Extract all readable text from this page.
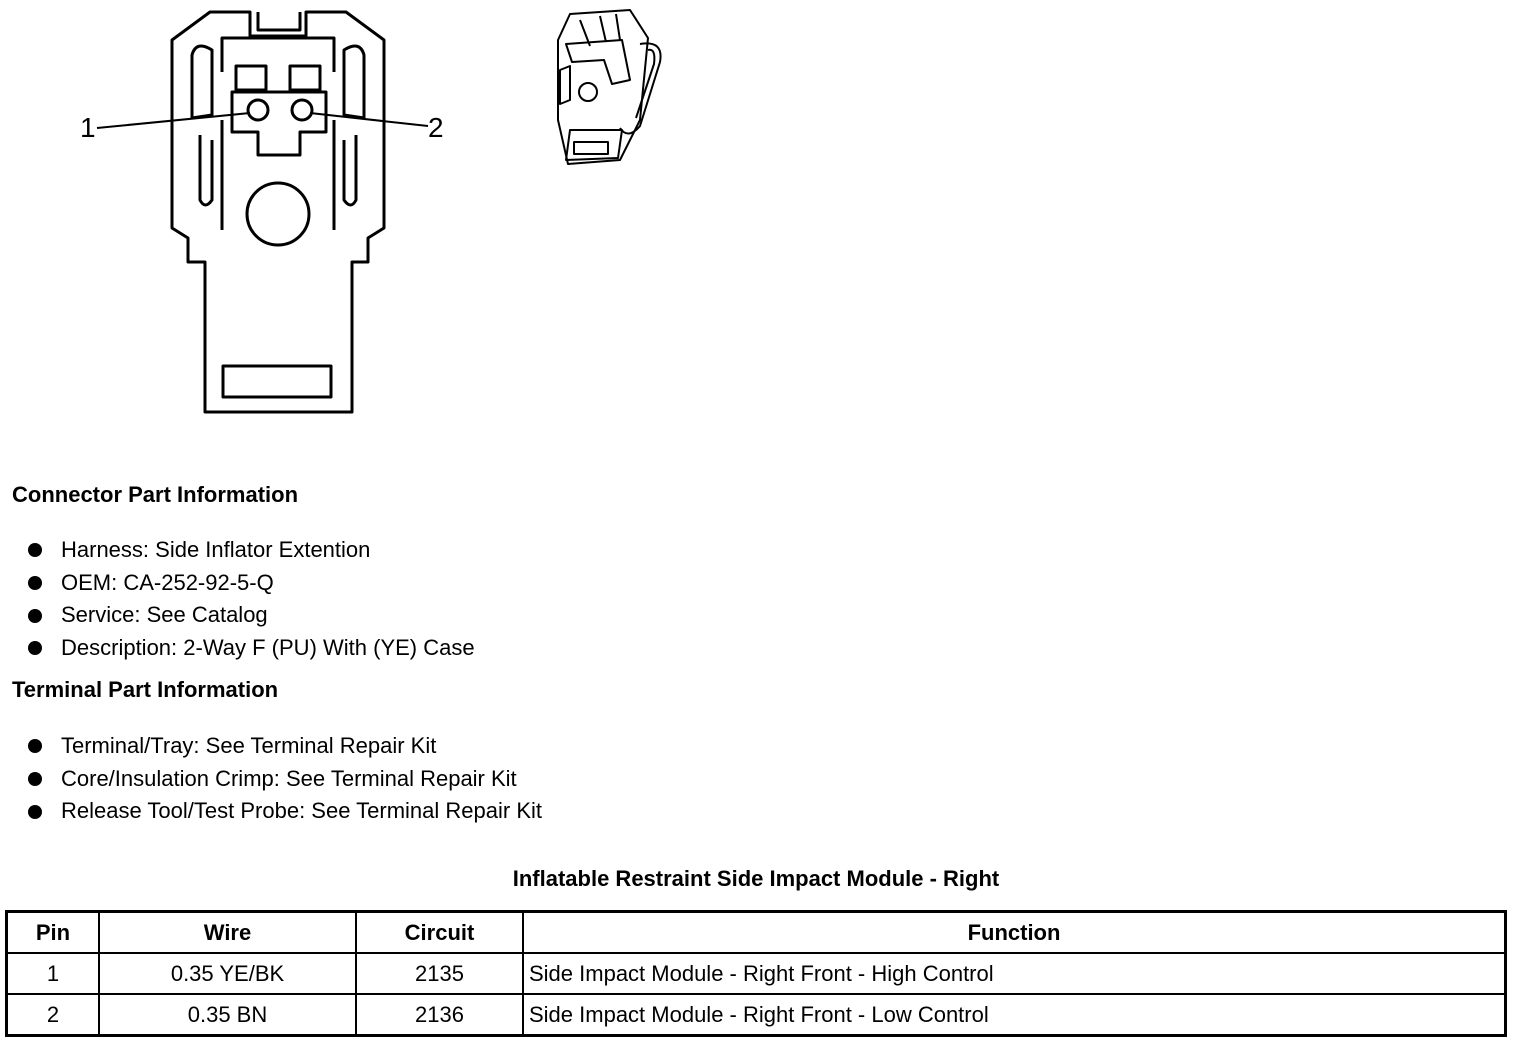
1	2
Connector Part Information
Harness: Side Inflator Extention
OEM: CA-252-92-5-Q
Service: See Catalog
Description: 2-Way F (PU) With (YE) Case
Terminal Part Information
Terminal/Tray: See Terminal Repair Kit
Core/Insulation Crimp: See Terminal Repair Kit
Release Tool/Test Probe: See Terminal Repair Kit
Inflatable Restraint Side Impact Module - Right
Pin	Wire	Circuit	Function
1	0.35 YE/BK	2135	Side Impact Module - Right Front - High Control
2	0.35 BN	2136	Side Impact Module - Right Front - Low Control
